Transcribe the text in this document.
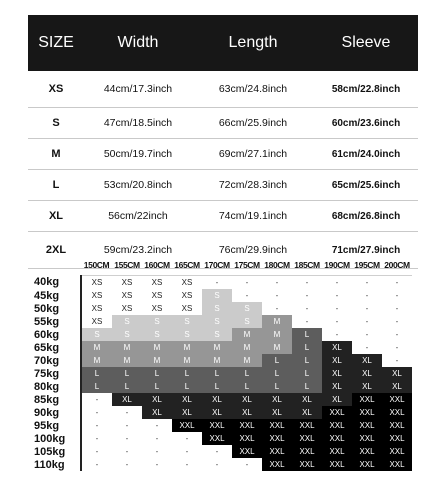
SIZE	Width	Length	Sleeve
XS	44cm/17.3inch	63cm/24.8inch	58cm/22.8inch
S	47cm/18.5inch	66cm/25.9inch	60cm/23.6inch
M	50cm/19.7inch	69cm/27.1inch	61cm/24.0inch
L	53cm/20.8inch	72cm/28.3inch	65cm/25.6inch
XL	56cm/22inch	74cm/19.1inch	68cm/26.8inch
2XL	59cm/23.2inch	76cm/29.9inch	71cm/27.9inch
	150CM	155CM	160CM	165CM	170CM	175CM	180CM	185CM	190CM	195CM	200CM
40kg	XS	XS	XS	XS	-	-	-	-	-	-	-
45kg	XS	XS	XS	XS	S	-	-	-	-	-	-
50kg	XS	XS	XS	XS	S	S	-	-	-	-	-
55kg	XS	S	S	S	S	S	M	-	-	-	-
60kg	S	S	S	S	S	M	M	L	-	-	-
65kg	M	M	M	M	M	M	M	L	XL	-	-
70kg	M	M	M	M	M	M	L	L	XL	XL	-
75kg	L	L	L	L	L	L	L	L	XL	XL	XL
80kg	L	L	L	L	L	L	L	L	XL	XL	XL
85kg	-	XL	XL	XL	XL	XL	XL	XL	XL	XXL	XXL
90kg	-	-	XL	XL	XL	XL	XL	XL	XXL	XXL	XXL
95kg	-	-	-	XXL	XXL	XXL	XXL	XXL	XXL	XXL	XXL
100kg	-	-	-	-	XXL	XXL	XXL	XXL	XXL	XXL	XXL
105kg	-	-	-	-	-	XXL	XXL	XXL	XXL	XXL	XXL
110kg	-	-	-	-	-	-	XXL	XXL	XXL	XXL	XXL
